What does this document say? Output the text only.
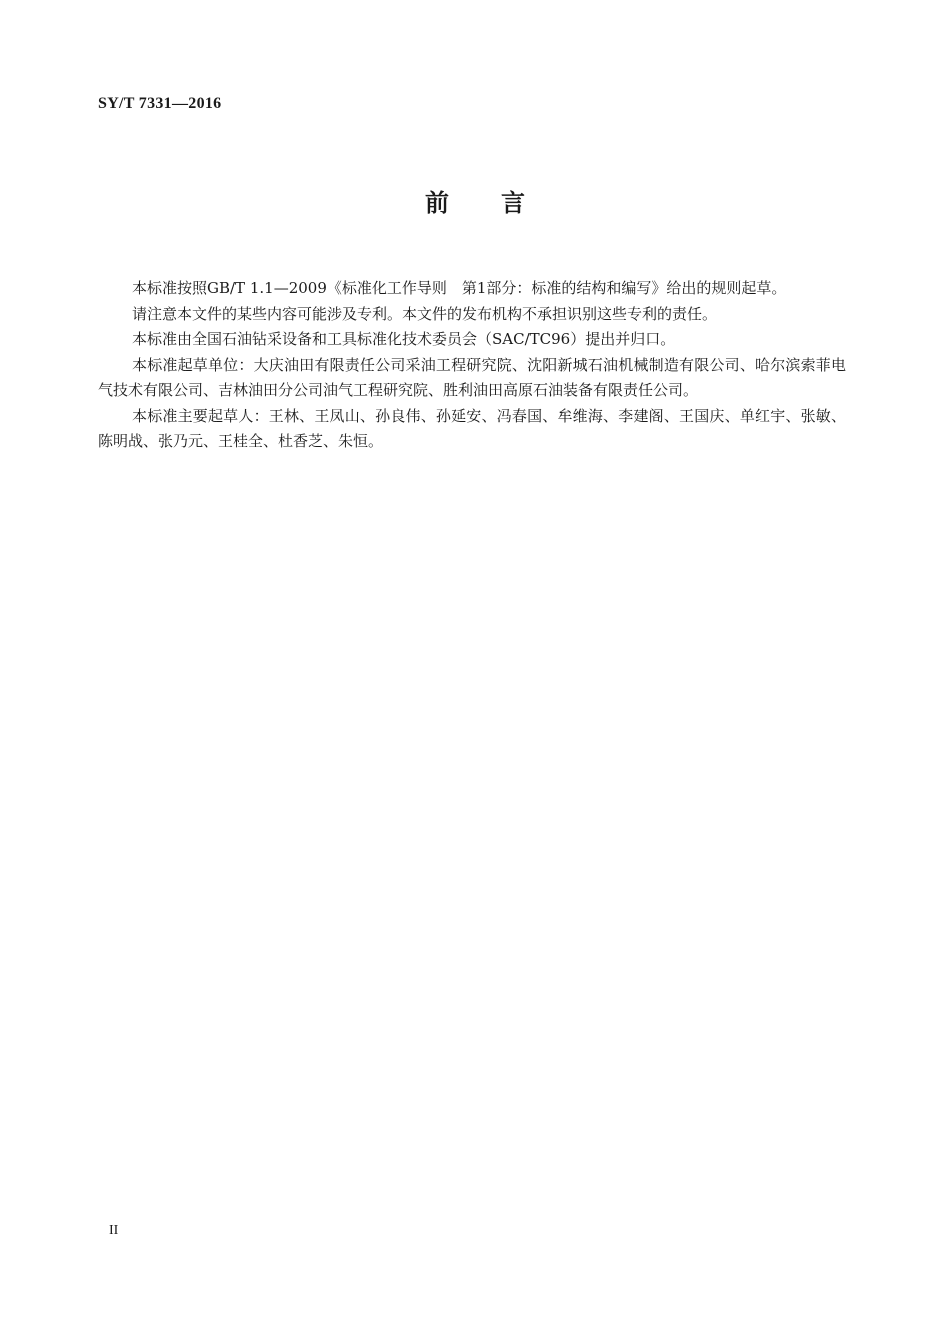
SY/T 7331—2016
前言

本标准按照GB/T 1.1—2009《标准化工作导则　第1部分：标准的结构和编写》给出的规则起草。

请注意本文件的某些内容可能涉及专利。本文件的发布机构不承担识别这些专利的责任。

本标准由全国石油钻采设备和工具标准化技术委员会（SAC/TC96）提出并归口。

本标准起草单位：大庆油田有限责任公司采油工程研究院、沈阳新城石油机械制造有限公司、哈尔滨索菲电气技术有限公司、吉林油田分公司油气工程研究院、胜利油田高原石油装备有限责任公司。

本标准主要起草人：王林、王凤山、孙良伟、孙延安、冯春国、牟维海、李建阁、王国庆、单红宇、张敏、陈明战、张乃元、王桂全、杜香芝、朱恒。

II
